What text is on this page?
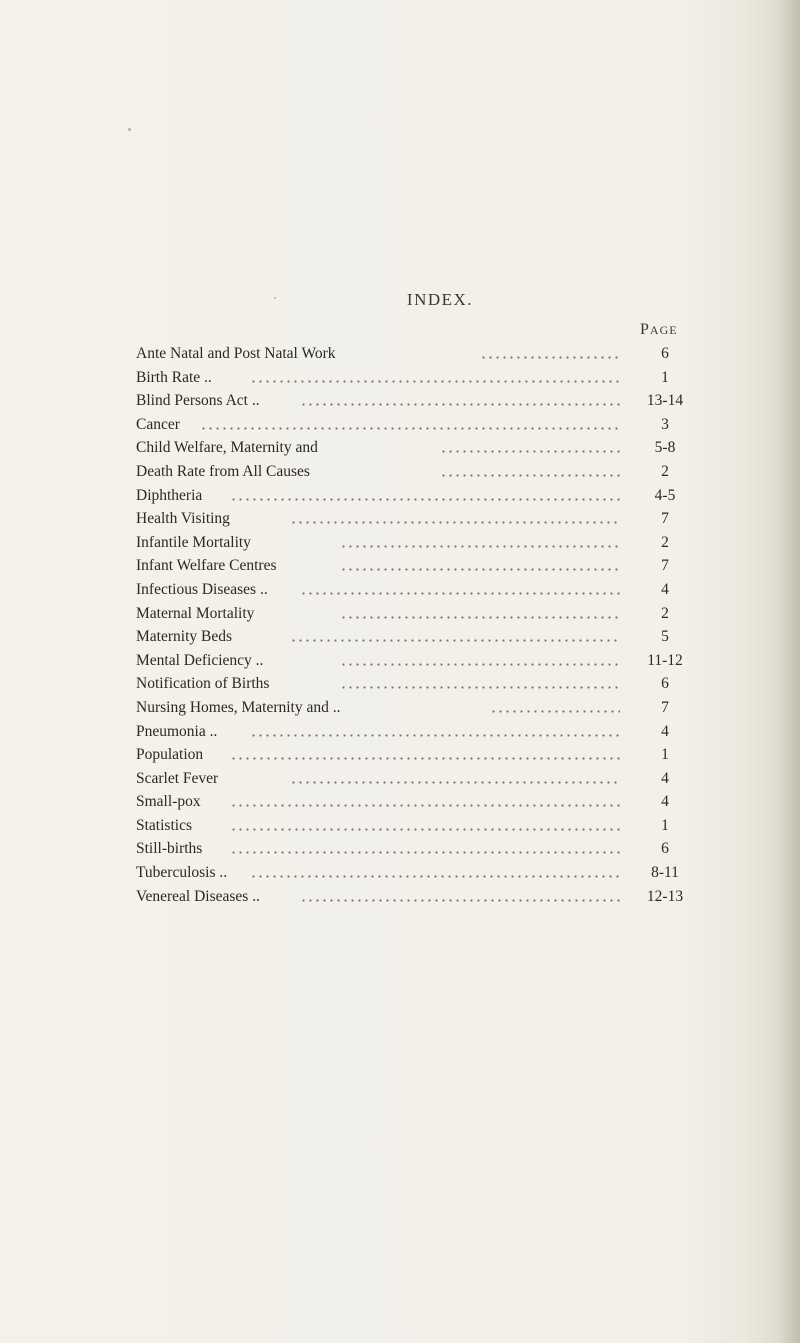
INDEX.
PAGE
Ante Natal and Post Natal Work	6
Birth Rate ..	1
Blind Persons Act ..	13-14
Cancer	3
Child Welfare, Maternity and	5-8
Death Rate from All Causes	2
Diphtheria	4-5
Health Visiting	7
Infantile Mortality	2
Infant Welfare Centres	7
Infectious Diseases ..	4
Maternal Mortality	2
Maternity Beds	5
Mental Deficiency ..	11-12
Notification of Births	6
Nursing Homes, Maternity and ..	7
Pneumonia ..	4
Population	1
Scarlet Fever	4
Small-pox	4
Statistics	1
Still-births	6
Tuberculosis ..	8-11
Venereal Diseases ..	12-13
